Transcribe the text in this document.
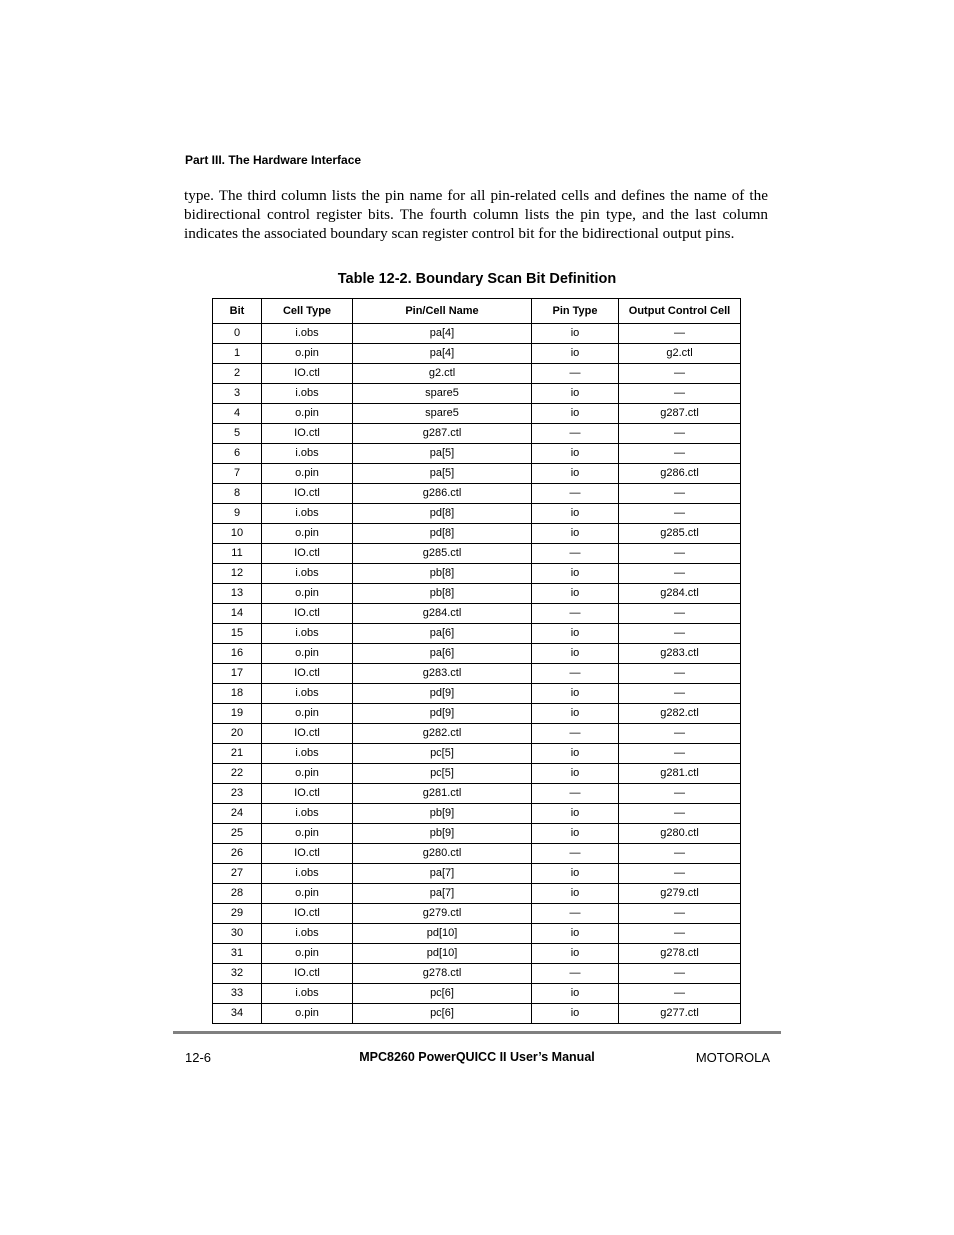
Part III. The Hardware Interface

type. The third column lists the pin name for all pin-related cells and defines the name of the bidirectional control register bits. The fourth column lists the pin type, and the last column indicates the associated boundary scan register control bit for the bidirectional output pins.

Table 12-2. Boundary Scan Bit Definition
Bit	Cell Type	Pin/Cell Name	Pin Type	Output Control Cell
0	i.obs	pa[4]	io	—
1	o.pin	pa[4]	io	g2.ctl
2	IO.ctl	g2.ctl	—	—
3	i.obs	spare5	io	—
4	o.pin	spare5	io	g287.ctl
5	IO.ctl	g287.ctl	—	—
6	i.obs	pa[5]	io	—
7	o.pin	pa[5]	io	g286.ctl
8	IO.ctl	g286.ctl	—	—
9	i.obs	pd[8]	io	—
10	o.pin	pd[8]	io	g285.ctl
11	IO.ctl	g285.ctl	—	—
12	i.obs	pb[8]	io	—
13	o.pin	pb[8]	io	g284.ctl
14	IO.ctl	g284.ctl	—	—
15	i.obs	pa[6]	io	—
16	o.pin	pa[6]	io	g283.ctl
17	IO.ctl	g283.ctl	—	—
18	i.obs	pd[9]	io	—
19	o.pin	pd[9]	io	g282.ctl
20	IO.ctl	g282.ctl	—	—
21	i.obs	pc[5]	io	—
22	o.pin	pc[5]	io	g281.ctl
23	IO.ctl	g281.ctl	—	—
24	i.obs	pb[9]	io	—
25	o.pin	pb[9]	io	g280.ctl
26	IO.ctl	g280.ctl	—	—
27	i.obs	pa[7]	io	—
28	o.pin	pa[7]	io	g279.ctl
29	IO.ctl	g279.ctl	—	—
30	i.obs	pd[10]	io	—
31	o.pin	pd[10]	io	g278.ctl
32	IO.ctl	g278.ctl	—	—
33	i.obs	pc[6]	io	—
34	o.pin	pc[6]	io	g277.ctl
12-6	MPC8260 PowerQUICC II User’s Manual	MOTOROLA
